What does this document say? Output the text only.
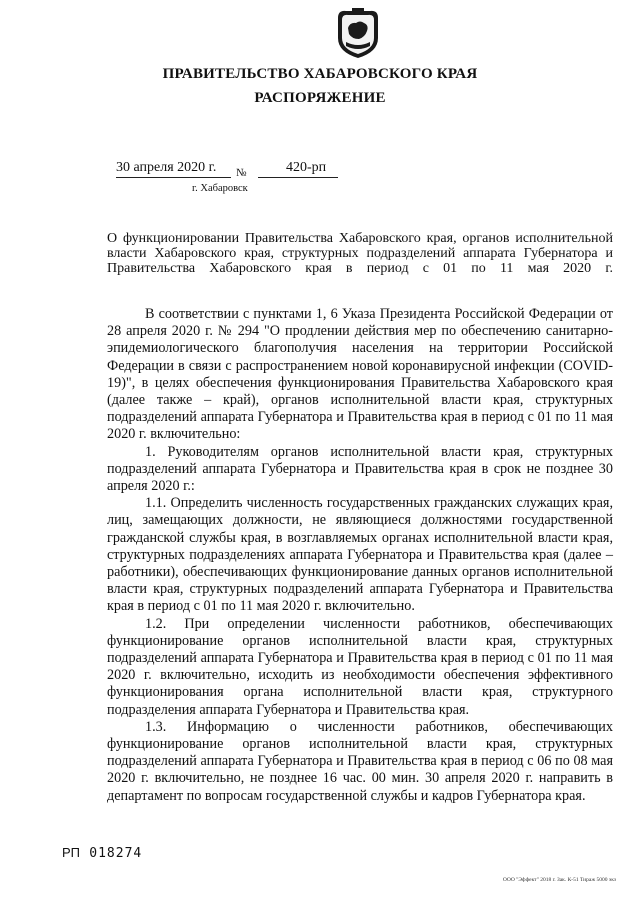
ПРАВИТЕЛЬСТВО ХАБАРОВСКОГО КРАЯ
РАСПОРЯЖЕНИЕ
30 апреля 2020 г.	№	420-рп
г. Хабаровск
О функционировании Правительства Хабаровского края, органов исполнительной власти Хабаровского края, структурных подразделений аппарата Губернатора и Правительства Хабаровского края в период с 01 по 11 мая 2020 г.

В соответствии с пунктами 1, 6 Указа Президента Российской Федерации от 28 апреля 2020 г. № 294 "О продлении действия мер по обеспечению санитарно-эпидемиологического благополучия населения на территории Российской Федерации в связи с распространением новой коронавирусной инфекции (COVID-19)", в целях обеспечения функционирования Правительства Хабаровского края (далее также – край), органов исполнительной власти края, структурных подразделений аппарата Губернатора и Правительства края в период с 01 по 11 мая 2020 г. включительно:

1. Руководителям органов исполнительной власти края, структурных подразделений аппарата Губернатора и Правительства края в срок не позднее 30 апреля 2020 г.:

1.1. Определить численность государственных гражданских служащих края, лиц, замещающих должности, не являющиеся должностями государственной гражданской службы края, в возглавляемых органах исполнительной власти края, структурных подразделениях аппарата Губернатора и Правительства края (далее – работники), обеспечивающих функционирование данных органов исполнительной власти края, структурных подразделений аппарата Губернатора и Правительства края в период с 01 по 11 мая 2020 г. включительно.

1.2. При определении численности работников, обеспечивающих функционирование органов исполнительной власти края, структурных подразделений аппарата Губернатора и Правительства края в период с 01 по 11 мая 2020 г. включительно, исходить из необходимости обеспечения эффективного функционирования органа исполнительной власти края, структурного подразделения аппарата Губернатора и Правительства края.

1.3. Информацию о численности работников, обеспечивающих функционирование органов исполнительной власти края, структурных подразделений аппарата Губернатора и Правительства края в период с 06 по 08 мая 2020 г. включительно, не позднее 16 час. 00 мин. 30 апреля 2020 г. направить в департамент по вопросам государственной службы и кадров Губернатора края.

РП 018274
ООО "Эффект" 2018 г. Зак. К-51 Тираж 5000 экз
